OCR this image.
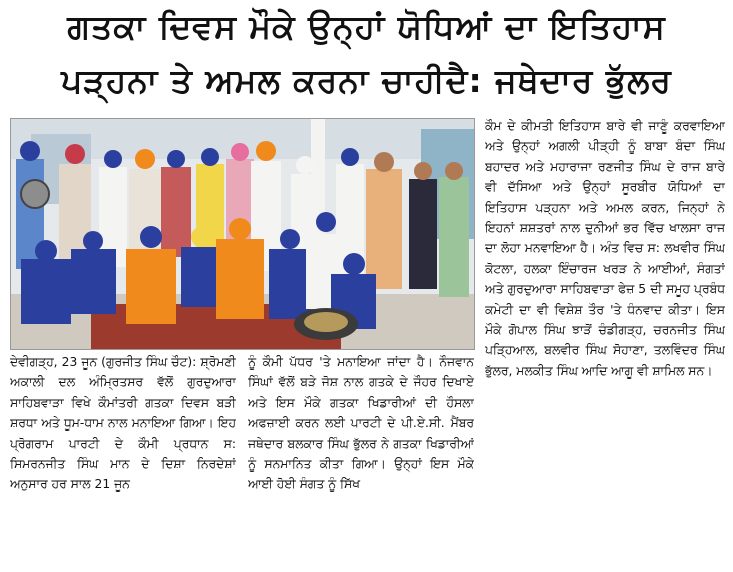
ਗਤਕਾ ਦਿਵਸ ਮੌਕੇ ਉਨ੍ਹਾਂ ਯੋਧਿਆਂ ਦਾ ਇਤਿਹਾਸ
ਪੜ੍ਹਨਾ ਤੇ ਅਮਲ ਕਰਨਾ ਚਾਹੀਦੈ: ਜਥੇਦਾਰ ਭੁੱਲਰ

ਦੇਵੀਗੜ੍ਹ, 23 ਜੂਨ (ਗੁਰਜੀਤ ਸਿੰਘ ਚੌਟ): ਸ਼੍ਰੋਮਣੀ ਅਕਾਲੀ ਦਲ ਅੰਮ੍ਰਿਤਸਰ ਵੱਲੋਂ ਗੁਰਦੁਆਰਾ ਸਾਹਿਬਵਾੜਾ ਵਿਖੇ ਕੌਮਾਂਤਰੀ ਗਤਕਾ ਦਿਵਸ ਬੜੀ ਸ਼ਰਧਾ ਅਤੇ ਧੂਮ-ਧਾਮ ਨਾਲ ਮਨਾਇਆ ਗਿਆ। ਇਹ ਪ੍ਰੋਗਰਾਮ ਪਾਰਟੀ ਦੇ ਕੌਮੀ ਪ੍ਰਧਾਨ ਸ: ਸਿਮਰਨਜੀਤ ਸਿੰਘ ਮਾਨ ਦੇ ਦਿਸ਼ਾ ਨਿਰਦੇਸ਼ਾਂ ਅਨੁਸਾਰ ਹਰ ਸਾਲ 21 ਜੂਨ

ਨੂੰ ਕੌਮੀ ਪੱਧਰ 'ਤੇ ਮਨਾਇਆ ਜਾਂਦਾ ਹੈ। ਨੌਜਵਾਨ ਸਿੰਘਾਂ ਵੱਲੋਂ ਬੜੇ ਜੋਸ਼ ਨਾਲ ਗਤਕੇ ਦੇ ਜੌਹਰ ਦਿਖਾਏ ਅਤੇ ਇਸ ਮੌਕੇ ਗਤਕਾ ਖਿਡਾਰੀਆਂ ਦੀ ਹੌਸਲਾ ਅਫਜ਼ਾਈ ਕਰਨ ਲਈ ਪਾਰਟੀ ਦੇ ਪੀ.ਏ.ਸੀ. ਮੈਂਬਰ ਜਥੇਦਾਰ ਬਲਕਾਰ ਸਿੰਘ ਭੁੱਲਰ ਨੇ ਗਤਕਾ ਖਿਡਾਰੀਆਂ ਨੂੰ ਸਨਮਾਨਿਤ ਕੀਤਾ ਗਿਆ। ਉਨ੍ਹਾਂ ਇਸ ਮੌਕੇ ਆਈ ਹੋਈ ਸੰਗਤ ਨੂੰ ਸਿੱਖ

ਕੌਮ ਦੇ ਕੀਮਤੀ ਇਤਿਹਾਸ ਬਾਰੇ ਵੀ ਜਾਣੂੰ ਕਰਵਾਇਆ ਅਤੇ ਉਨ੍ਹਾਂ ਅਗਲੀ ਪੀੜ੍ਹੀ ਨੂੰ ਬਾਬਾ ਬੰਦਾ ਸਿੰਘ ਬਹਾਦਰ ਅਤੇ ਮਹਾਰਾਜਾ ਰਣਜੀਤ ਸਿੰਘ ਦੇ ਰਾਜ ਬਾਰੇ ਵੀ ਦੱਸਿਆ ਅਤੇ ਉਨ੍ਹਾਂ ਸੂਰਬੀਰ ਯੋਧਿਆਂ ਦਾ ਇਤਿਹਾਸ ਪੜ੍ਹਨਾ ਅਤੇ ਅਮਲ ਕਰਨ, ਜਿਨ੍ਹਾਂ ਨੇ ਇਹਨਾਂ ਸ਼ਸ਼ਤਰਾਂ ਨਾਲ ਦੁਨੀਆਂ ਭਰ ਵਿੱਚ ਖਾਲਸਾ ਰਾਜ ਦਾ ਲੋਹਾ ਮਨਵਾਇਆ ਹੈ। ਅੰਤ ਵਿਚ ਸ: ਲਖਵੀਰ ਸਿੰਘ ਕੋਟਲਾ, ਹਲਕਾ ਇੰਚਾਰਜ ਖਰੜ ਨੇ ਆਈਆਂ, ਸੰਗਤਾਂ ਅਤੇ ਗੁਰਦੁਆਰਾ ਸਾਹਿਬਵਾੜਾ ਫੇਜ਼ 5 ਦੀ ਸਮੂਹ ਪ੍ਰਬੰਧ ਕਮੇਟੀ ਦਾ ਵੀ ਵਿਸ਼ੇਸ਼ ਤੌਰ 'ਤੇ ਧੰਨਵਾਦ ਕੀਤਾ। ਇਸ ਮੌਕੇ ਗੋਪਾਲ ਸਿੰਘ ਝਾੜੋਂ ਚੰਡੀਗੜ੍ਹ, ਚਰਨਜੀਤ ਸਿੰਘ ਪੜ੍ਹਿਆਲ, ਬਲਵੀਰ ਸਿੰਘ ਸੋਹਾਣਾ, ਤਲਵਿੰਦਰ ਸਿੰਘ ਭੁੱਲਰ, ਮਲਕੀਤ ਸਿੰਘ ਆਦਿ ਆਗੂ ਵੀ ਸ਼ਾਮਿਲ ਸਨ।
